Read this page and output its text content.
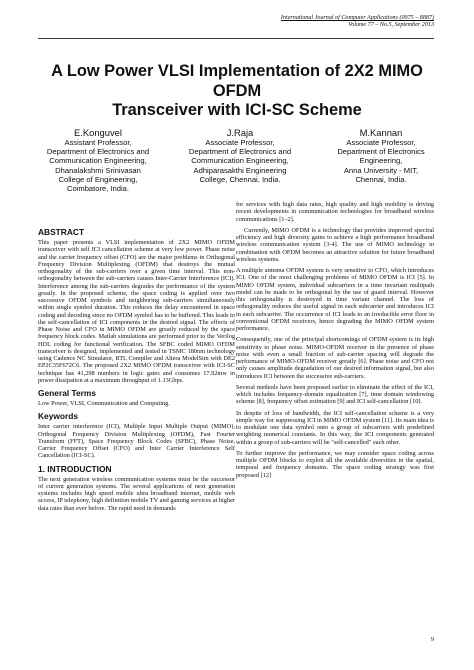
International Journal of Computer Applications (0975 – 8887)
Volume 77 – No.5, September 2013
A Low Power VLSI Implementation of 2X2 MIMO OFDM
Transceiver with ICI-SC Scheme
E.Konguvel
Assistant Professor,
Department of Electronics and
Communication Engineering,
Dhanalakshmi Srinivasan
College of Engineering,
Coimbatore, India.
J.Raja
Associate Professor,
Department of Electronics and
Communication Engineering,
Adhiparasakthi Engineering
College, Chennai, India.
M.Kannan
Associate Professor,
Department of Electronics
Engineering,
Anna University - MIT,
Chennai, India.
ABSTRACT

This paper presents a VLSI implementation of 2X2 MIMO OFDM transceiver with self ICI cancellation scheme at very low power. Phase noise and the carrier frequency offset (CFO) are the major problems in Orthogonal Frequency Division Multiplexing (OFDM) that destroys the mutual orthogonality of the sub-carriers over a given time interval. This non-orthogonality between the sub-carriers causes Inter-Carrier Interference (ICI). Interference among the sub-carriers degrades the performance of the system greatly. In the proposed scheme, the space coding is applied over two successive OFDM symbols and neighboring sub-carriers simultaneously within single symbol duration. This reduces the delay encountered in space coding and decoding since no OFDM symbol has to be buffered. This leads to the self-cancellation of ICI components in the desired signal. The effects of Phase Noise and CFO in MIMO OFDM are greatly reduced by the space frequency block codes. Matlab simulations are performed prior to the Verilog HDL coding for functional verification. The SFBC coded MIMO OFDM transceiver is designed, implemented and tested in TSMC 180nm technology using Cadence NC Simulator, RTL Compiler and Altera ModelSim with DE2 EP2C35F672C6. The proposed 2X2 MIMO OFDM transceiver with ICI-SC technique has 41,298 numbers in logic gates and consumes 17.92mw in power dissipation at a maximum throughput of 1.13Gbps.

General Terms

Low Power, VLSI, Communication and Computing.

Keywords

Inter carrier interference (ICI), Multiple Input Multiple Output (MIMO), Orthogonal Frequency Division Multiplexing (OFDM), Fast Fourier Transform (FFT), Space Frequency Block Codes (SFBC), Phase Noise, Carrier Frequency Offset (CFO) and Inter Carrier Interference Self Cancellation (ICI-SC).

1. INTRODUCTION

The next generation wireless communication systems must be the successor of current generation systems. The several applications of next generation systems includes high speed mobile ultra broadband internet, mobile web access, IP telephony, high definition mobile TV and gaming services at higher data rates than ever before. The rapid need in demands

for services with high data rates, high quality and high mobility is driving recent developments in communication technologies for broadband wireless communications [1–2].

Currently, MIMO OFDM is a technology that provides improved spectral efficiency and high diversity gains to achieve a high performance broadband wireless communication system [3-4]. The use of MIMO technology in combination with OFDM becomes an attractive solution for future broadband wireless systems.

A multiple antenna OFDM system is very sensitive to CFO, which introduces ICI. One of the most challenging problems of MIMO OFDM is ICI [5]. In MIMO OFDM system, individual subcarriers in a time invariant multipath model can be made to be orthogonal by the use of guard interval. However this orthogonality is destroyed in time variant channel. The loss of orthogonality reduces the useful signal in each subcarrier and introduces ICI in each subcarrier. The occurrence of ICI leads to an irreducible error floor in conventional OFDM receivers, hence degrading the MIMO OFDM system performance.

Consequently, one of the principal shortcomings of OFDM system is its high sensitivity to phase noise. MIMO-OFDM receiver in the presence of phase noise with even a small fraction of sub-carrier spacing will degrade the performance of MIMO-OFDM receiver greatly [6]. Phase noise and CFO not only causes amplitude degradation of our desired information signal, but also introduces ICI between the successive sub-carriers.

Several methods have been proposed earlier to eliminate the effect of the ICI, which includes frequency-domain equalization [7], time domain windowing scheme [8], frequency offset estimation [9] and ICI self-cancellation [10].

In despite of loss of bandwidth, the ICI self-cancellation scheme is a very simple way for suppressing ICI in MIMO OFDM system [11]. Its main idea is to modulate one data symbol onto a group of subcarriers with predefined weighting numerical constants. In this way, the ICI components generated within a group of sub-carriers will be "self-cancelled" each other.

To further improve the performance, we may consider space coding across multiple OFDM blocks to exploit all the available diversities in the spatial, temporal and frequency domains. The space coding strategy was first proposed [12]

9
